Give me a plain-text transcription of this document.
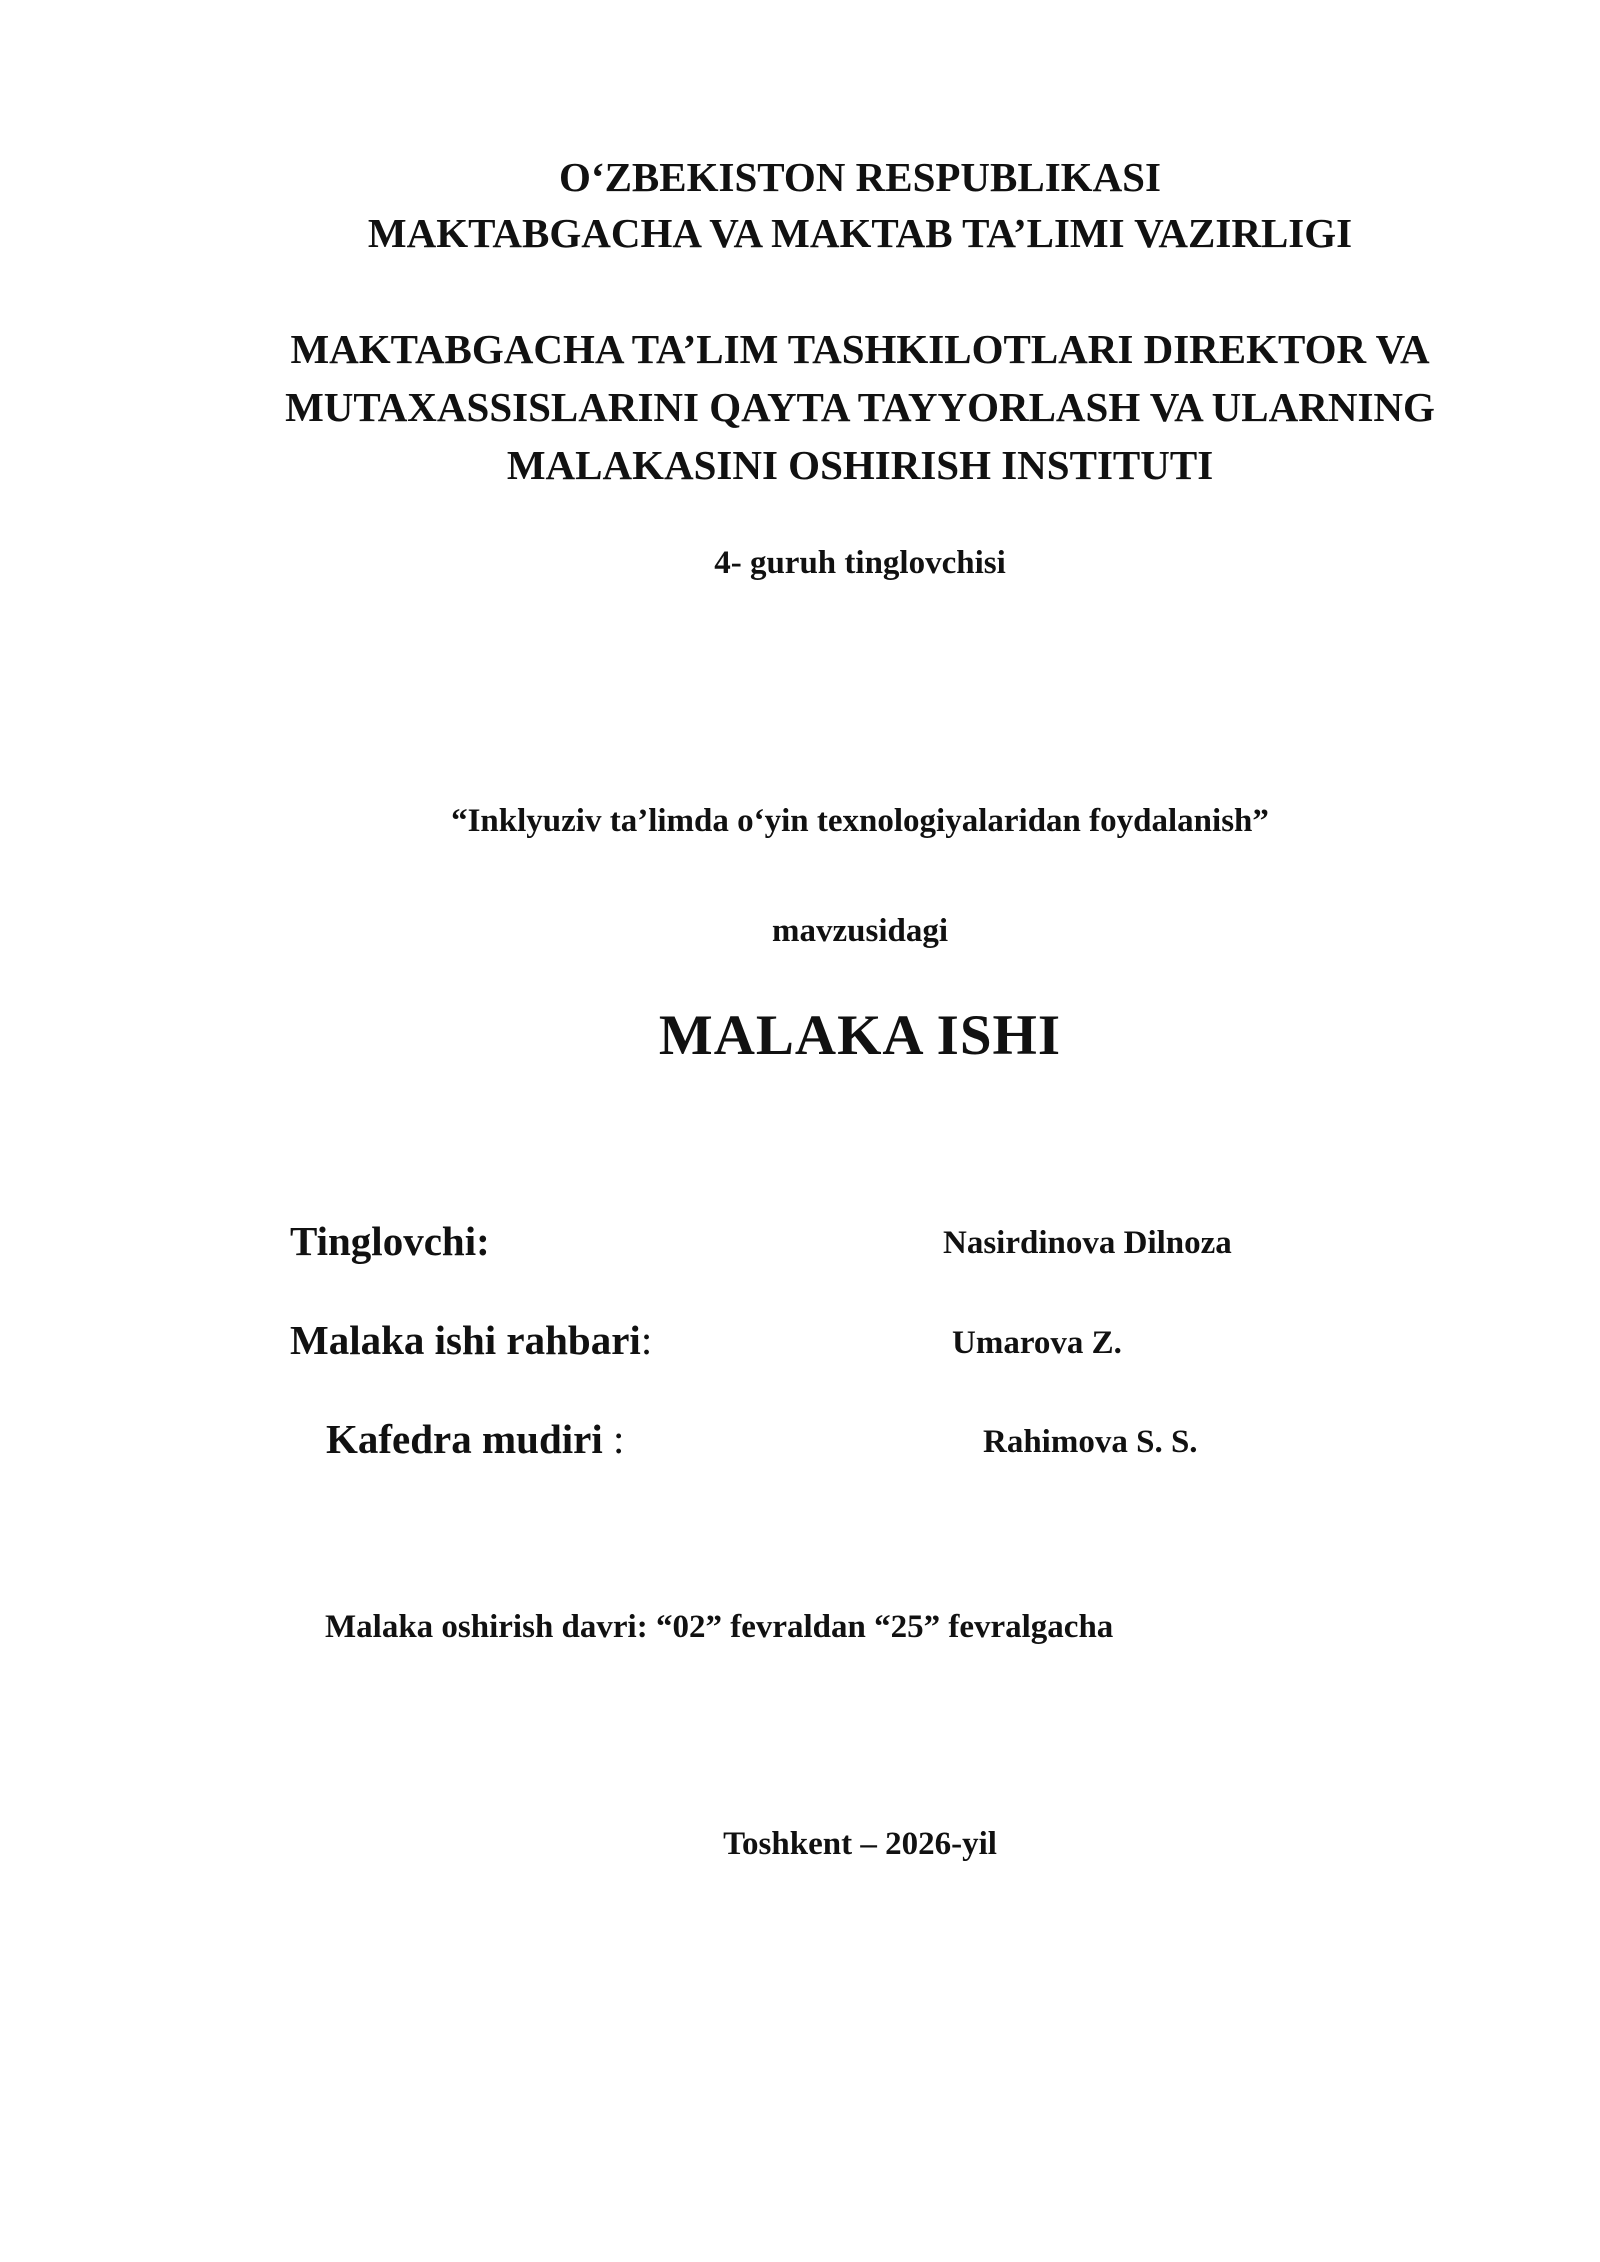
O‘ZBEKISTON RESPUBLIKASI
MAKTABGACHA VA MAKTAB TA’LIMI VAZIRLIGI
MAKTABGACHA TA’LIM TASHKILOTLARI DIREKTOR VA
MUTAXASSISLARINI QAYTA TAYYORLASH VA ULARNING
MALAKASINI OSHIRISH INSTITUTI
4- guruh tinglovchisi
“Inklyuziv ta’limda o‘yin texnologiyalaridan foydalanish”
mavzusidagi
MALAKA ISHI
Tinglovchi:	Nasirdinova Dilnoza
Malaka ishi rahbari:	Umarova Z.
Kafedra mudiri :	Rahimova S. S.
Malaka oshirish davri: “02” fevraldan “25” fevralgacha
Toshkent – 2026-yil
